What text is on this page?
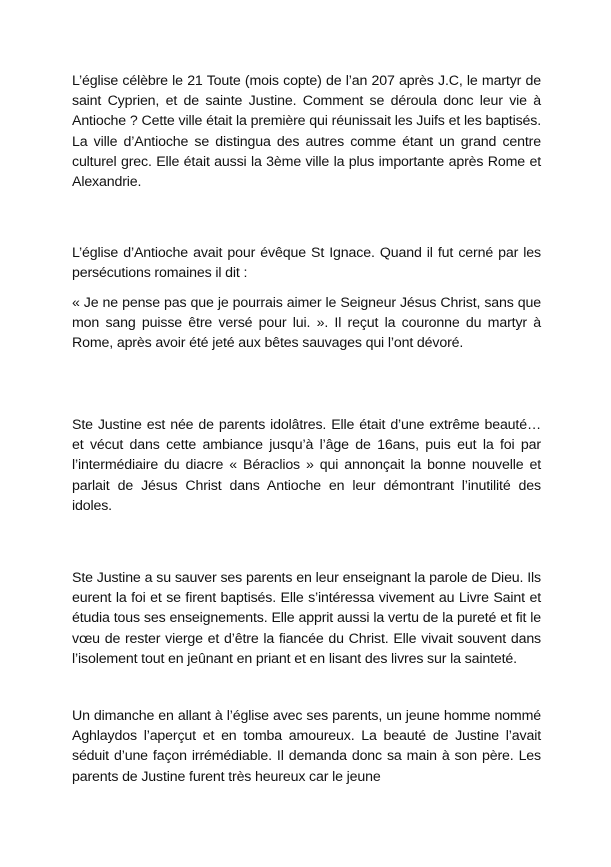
L’église célèbre le 21 Toute (mois copte) de l’an 207 après J.C, le martyr de saint Cyprien, et de sainte Justine. Comment se déroula donc leur vie à Antioche ? Cette ville était la première qui réunissait les Juifs et les baptisés. La ville d’Antioche se distingua des autres comme étant un grand centre culturel grec. Elle était aussi la 3ème ville la plus importante après Rome et Alexandrie.

L’église d’Antioche avait pour évêque St Ignace. Quand il fut cerné par les persécutions romaines il dit :

« Je ne pense pas que je pourrais aimer le Seigneur Jésus Christ, sans que mon sang puisse être versé pour lui. ». Il reçut la couronne du martyr à Rome, après avoir été jeté aux bêtes sauvages qui l’ont dévoré.

Ste Justine est née de parents idolâtres. Elle était d’une extrême beauté… et vécut dans cette ambiance jusqu’à l’âge de 16ans, puis eut la foi par l’intermédiaire du diacre « Béraclios » qui annonçait la bonne nouvelle et parlait de Jésus Christ dans Antioche en leur démontrant l’inutilité des idoles.

Ste Justine a su sauver ses parents en leur enseignant la parole de Dieu. Ils eurent la foi et se firent baptisés. Elle s’intéressa vivement au Livre Saint et étudia tous ses enseignements. Elle apprit aussi la vertu de la pureté et fit le vœu de rester vierge et d’être la fiancée du Christ. Elle vivait souvent dans l’isolement tout en jeûnant en priant et en lisant des livres sur la sainteté.

Un dimanche en allant à l’église avec ses parents, un jeune homme nommé Aghlaydos l’aperçut et en tomba amoureux. La beauté de Justine l’avait séduit d’une façon irrémédiable. Il demanda donc sa main à son père. Les parents de Justine furent très heureux car le jeune
